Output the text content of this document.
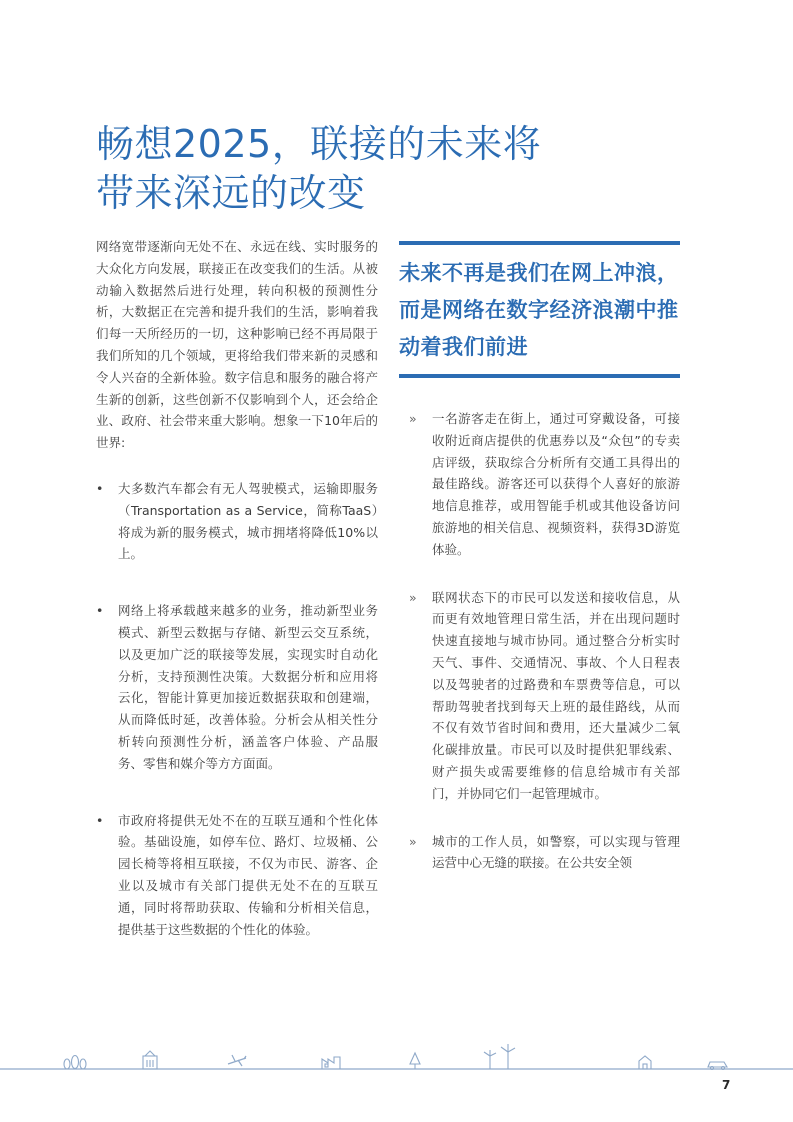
畅想2025，联接的未来将
带来深远的改变

网络宽带逐渐向无处不在、永远在线、实时服务的大众化方向发展，联接正在改变我们的生活。从被动输入数据然后进行处理，转向积极的预测性分析，大数据正在完善和提升我们的生活，影响着我们每一天所经历的一切，这种影响已经不再局限于我们所知的几个领域，更将给我们带来新的灵感和令人兴奋的全新体验。数字信息和服务的融合将产生新的创新，这些创新不仅影响到个人，还会给企业、政府、社会带来重大影响。想象一下10年后的世界:

• 大多数汽车都会有无人驾驶模式，运输即服务（Transportation as a Service，简称TaaS）将成为新的服务模式，城市拥堵将降低10%以上。
• 网络上将承载越来越多的业务，推动新型业务模式、新型云数据与存储、新型云交互系统，以及更加广泛的联接等发展，实现实时自动化分析，支持预测性决策。大数据分析和应用将云化，智能计算更加接近数据获取和创建端，从而降低时延，改善体验。分析会从相关性分析转向预测性分析，涵盖客户体验、产品服务、零售和媒介等方方面面。
• 市政府将提供无处不在的互联互通和个性化体验。基础设施，如停车位、路灯、垃圾桶、公园长椅等将相互联接，不仅为市民、游客、企业以及城市有关部门提供无处不在的互联互通，同时将帮助获取、传输和分析相关信息，提供基于这些数据的个性化的体验。
未来不再是我们在网上冲浪，而是网络在数字经济浪潮中推动着我们前进
» 一名游客走在街上，通过可穿戴设备，可接收附近商店提供的优惠券以及“众包”的专卖店评级，获取综合分析所有交通工具得出的最佳路线。游客还可以获得个人喜好的旅游地信息推荐，或用智能手机或其他设备访问旅游地的相关信息、视频资料，获得3D游览体验。
» 联网状态下的市民可以发送和接收信息，从而更有效地管理日常生活，并在出现问题时快速直接地与城市协同。通过整合分析实时天气、事件、交通情况、事故、个人日程表以及驾驶者的过路费和车票费等信息，可以帮助驾驶者找到每天上班的最佳路线，从而不仅有效节省时间和费用，还大量减少二氧化碳排放量。市民可以及时提供犯罪线索、财产损失或需要维修的信息给城市有关部门，并协同它们一起管理城市。
» 城市的工作人员，如警察，可以实现与管理运营中心无缝的联接。在公共安全领
7
